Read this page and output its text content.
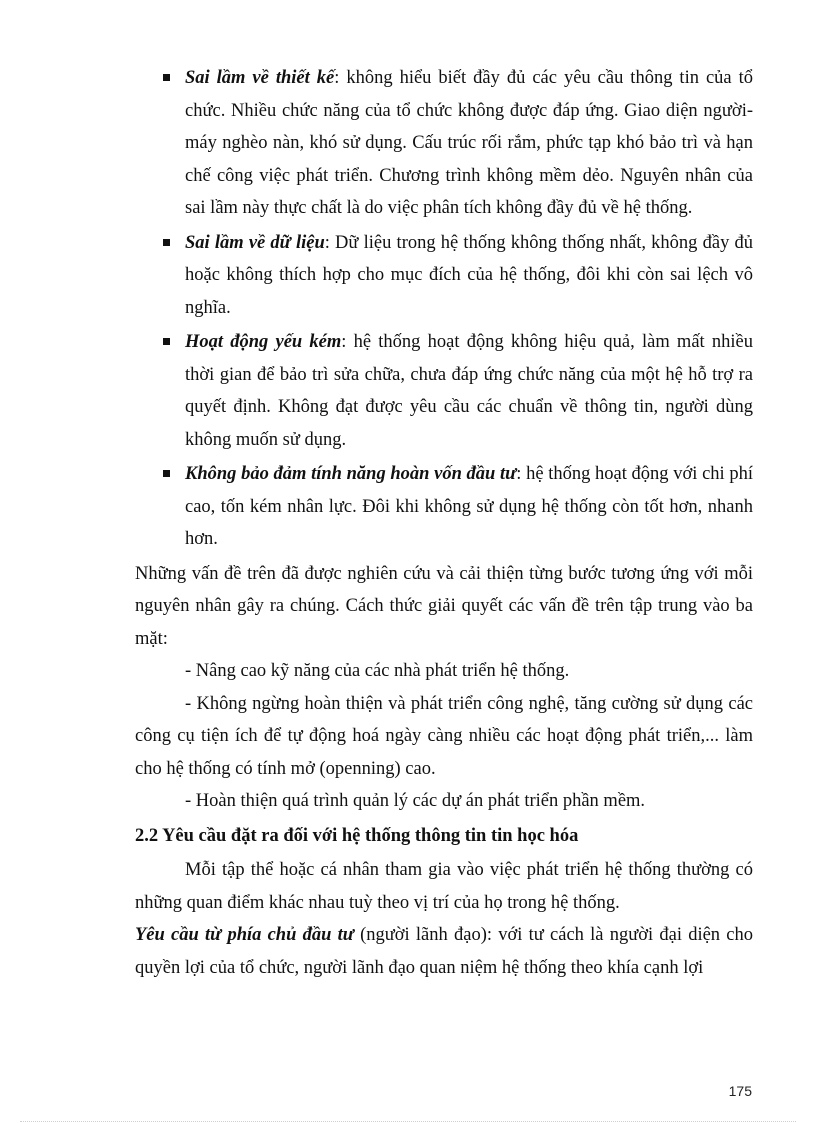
Sai lầm về thiết kế: không hiểu biết đầy đủ các yêu cầu thông tin của tổ chức. Nhiều chức năng của tổ chức không được đáp ứng. Giao diện người-máy nghèo nàn, khó sử dụng. Cấu trúc rối rắm, phức tạp khó bảo trì và hạn chế công việc phát triển. Chương trình không mềm dẻo. Nguyên nhân của sai lầm này thực chất là do việc phân tích không đầy đủ về hệ thống.
Sai lầm về dữ liệu: Dữ liệu trong hệ thống không thống nhất, không đầy đủ hoặc không thích hợp cho mục đích của hệ thống, đôi khi còn sai lệch vô nghĩa.
Hoạt động yếu kém: hệ thống hoạt động không hiệu quả, làm mất nhiều thời gian để bảo trì sửa chữa, chưa đáp ứng chức năng của một hệ hỗ trợ ra quyết định. Không đạt được yêu cầu các chuẩn về thông tin, người dùng không muốn sử dụng.
Không bảo đảm tính năng hoàn vốn đầu tư: hệ thống hoạt động với chi phí cao, tốn kém nhân lực. Đôi khi không sử dụng hệ thống còn tốt hơn, nhanh hơn.

Những vấn đề trên đã được nghiên cứu và cải thiện từng bước tương ứng với mỗi nguyên nhân gây ra chúng. Cách thức giải quyết các vấn đề trên tập trung vào ba mặt:

- Nâng cao kỹ năng của các nhà phát triển hệ thống.

- Không ngừng hoàn thiện và phát triển công nghệ, tăng cường sử dụng các công cụ tiện ích để tự động hoá ngày càng nhiều các hoạt động phát triển,... làm cho hệ thống có tính mở (openning) cao.

- Hoàn thiện quá trình quản lý các dự án phát triển phần mềm.

2.2 Yêu cầu đặt ra đối với hệ thống thông tin tin học hóa

Mỗi tập thể hoặc cá nhân tham gia vào việc phát triển hệ thống thường có những quan điểm khác nhau tuỳ theo vị trí của họ trong hệ thống.

Yêu cầu từ phía chủ đầu tư (người lãnh đạo): với tư cách là người đại diện cho quyền lợi của tổ chức, người lãnh đạo quan niệm hệ thống theo khía cạnh lợi

175
